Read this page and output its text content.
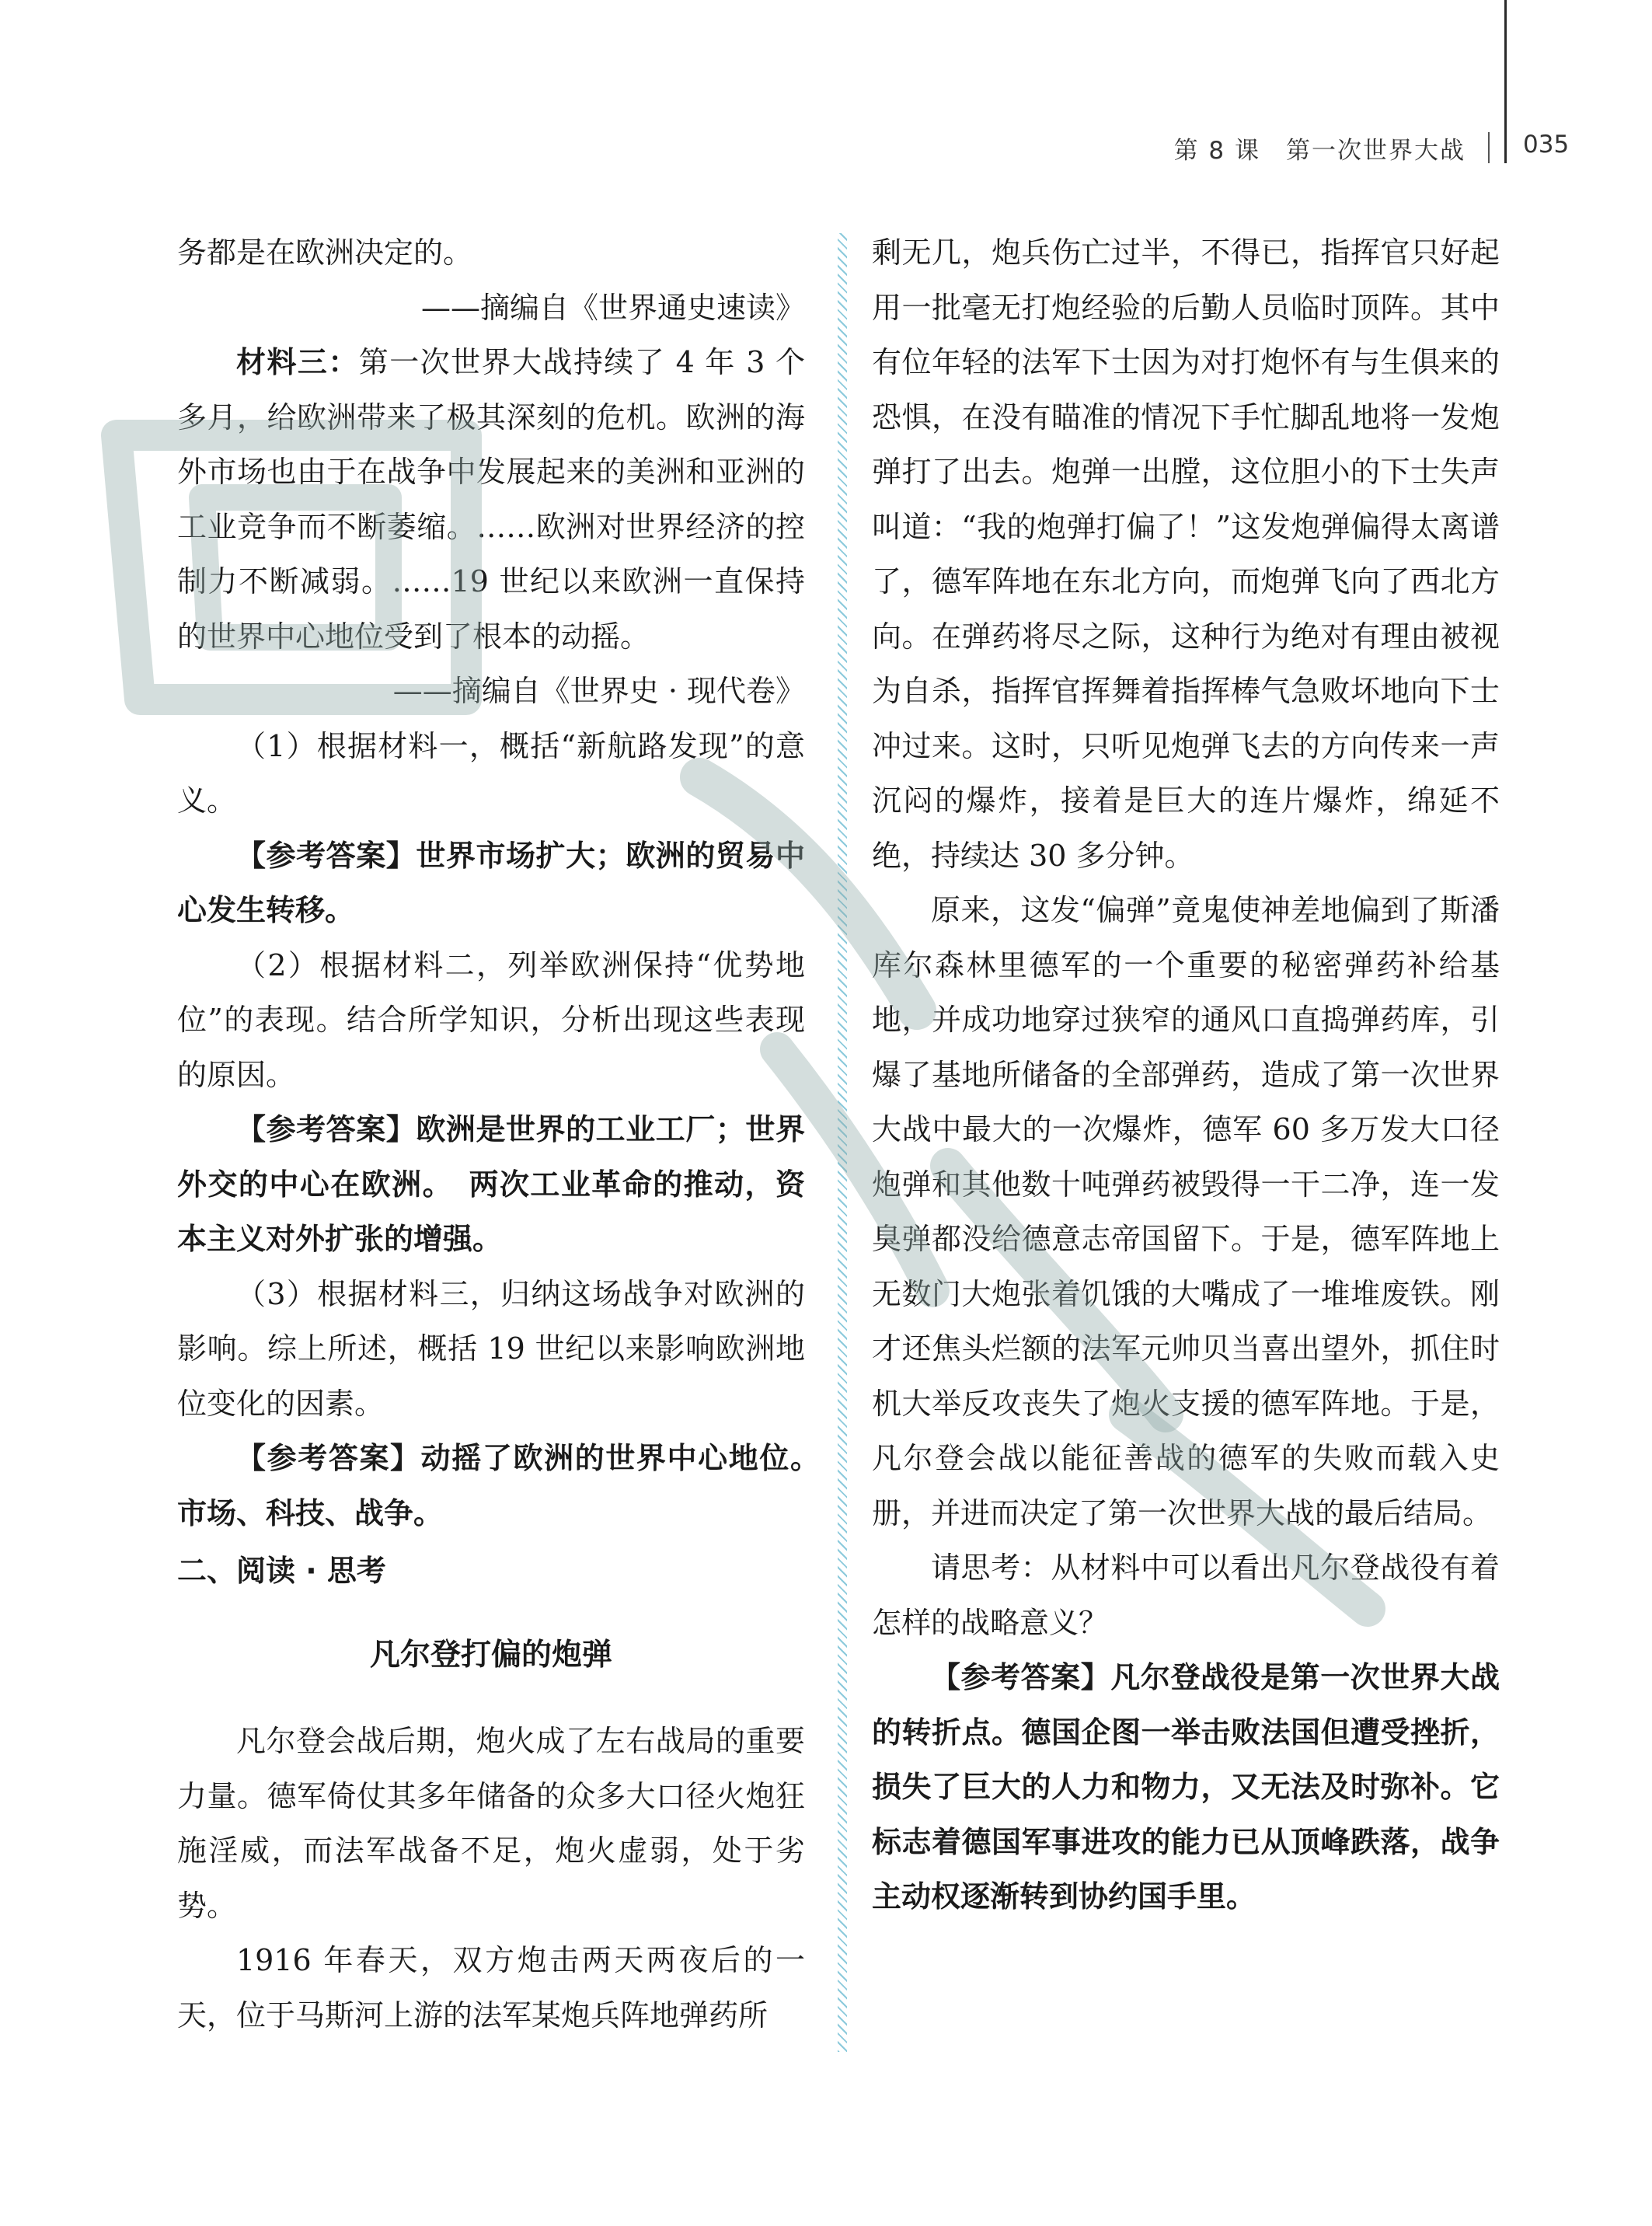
第 8 课　第一次世界大战 035

务都是在欧洲决定的。

——摘编自《世界通史速读》

材料三：第一次世界大战持续了 4 年 3 个多月，给欧洲带来了极其深刻的危机。欧洲的海外市场也由于在战争中发展起来的美洲和亚洲的工业竞争而不断萎缩。……欧洲对世界经济的控制力不断减弱。……19 世纪以来欧洲一直保持的世界中心地位受到了根本的动摇。

——摘编自《世界史 · 现代卷》

（1）根据材料一，概括“新航路发现”的意义。

【参考答案】世界市场扩大；欧洲的贸易中心发生转移。

（2）根据材料二，列举欧洲保持“优势地位”的表现。结合所学知识，分析出现这些表现的原因。

【参考答案】欧洲是世界的工业工厂；世界外交的中心在欧洲。　两次工业革命的推动，资本主义对外扩张的增强。

（3）根据材料三，归纳这场战争对欧洲的影响。综上所述，概括 19 世纪以来影响欧洲地位变化的因素。

【参考答案】动摇了欧洲的世界中心地位。　市场、科技、战争。

二、阅读 · 思考

凡尔登打偏的炮弹

凡尔登会战后期，炮火成了左右战局的重要力量。德军倚仗其多年储备的众多大口径火炮狂施淫威，而法军战备不足，炮火虚弱，处于劣势。

1916 年春天，双方炮击两天两夜后的一天，位于马斯河上游的法军某炮兵阵地弹药所

剩无几，炮兵伤亡过半，不得已，指挥官只好起用一批毫无打炮经验的后勤人员临时顶阵。其中有位年轻的法军下士因为对打炮怀有与生俱来的恐惧，在没有瞄准的情况下手忙脚乱地将一发炮弹打了出去。炮弹一出膛，这位胆小的下士失声叫道：“我的炮弹打偏了！”这发炮弹偏得太离谱了，德军阵地在东北方向，而炮弹飞向了西北方向。在弹药将尽之际，这种行为绝对有理由被视为自杀，指挥官挥舞着指挥棒气急败坏地向下士冲过来。这时，只听见炮弹飞去的方向传来一声沉闷的爆炸，接着是巨大的连片爆炸，绵延不绝，持续达 30 多分钟。

原来，这发“偏弹”竟鬼使神差地偏到了斯潘库尔森林里德军的一个重要的秘密弹药补给基地，并成功地穿过狭窄的通风口直捣弹药库，引爆了基地所储备的全部弹药，造成了第一次世界大战中最大的一次爆炸，德军 60 多万发大口径炮弹和其他数十吨弹药被毁得一干二净，连一发臭弹都没给德意志帝国留下。于是，德军阵地上无数门大炮张着饥饿的大嘴成了一堆堆废铁。刚才还焦头烂额的法军元帅贝当喜出望外，抓住时机大举反攻丧失了炮火支援的德军阵地。于是，凡尔登会战以能征善战的德军的失败而载入史册，并进而决定了第一次世界大战的最后结局。

请思考：从材料中可以看出凡尔登战役有着怎样的战略意义？

【参考答案】凡尔登战役是第一次世界大战的转折点。德国企图一举击败法国但遭受挫折，损失了巨大的人力和物力，又无法及时弥补。它标志着德国军事进攻的能力已从顶峰跌落，战争主动权逐渐转到协约国手里。
